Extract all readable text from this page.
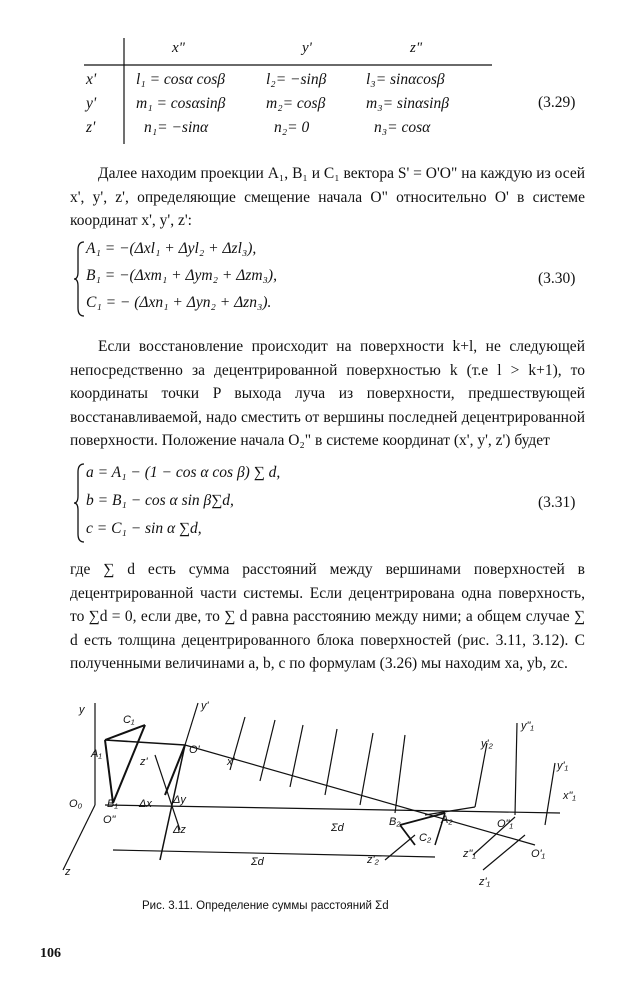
x"	y'	z"
x'	l₁ = cosα cosβ	l₂= −sinβ	l₃= sinαcosβ
y'	m₁ = cosαsinβ	m₂= cosβ	m₃= sinαsinβ
z'	n₁= −sinα	n₂= 0	n₃= cosα
(3.29)

Далее находим проекции A₁, B₁ и C₁ вектора S' = O'O" на каждую из осей x', y', z', определяющие смещение начала O" относительно O' в системе координат x', y', z':

A₁ = −(Δxl₁ + Δyl₂ + Δzl₃),
B₁ = −(Δxm₁ + Δym₂ + Δzm₃),
C₁ = − (Δxn₁ + Δyn₂ + Δzn₃).
(3.30)

Если восстановление происходит на поверхности k+l, не следующей непосредственно за децентрированной поверхностью k (т.е l > k+1), то координаты точки P выхода луча из поверхности, предшествующей восстанавливаемой, надо сместить от вершины последней децентрированной поверхности. Положение начала O₂" в системе координат (x', y', z') будет

a = A₁ − (1 − cos α cos β) ∑ d,
b = B₁ − cos α sin β∑d,
c = C₁ − sin α ∑d,
(3.31)

где ∑ d есть сумма расстояний между вершинами поверхностей в децентрированной части системы. Если децентрирована одна поверхность, то ∑d = 0, если две, то ∑ d равна расстоянию между ними; а общем случае ∑ d есть толщина децентрированного блока поверхностей (рис. 3.11, 3.12). С полученными величинами a, b, c по формулам (3.26) мы находим xa, yb, zc.

y	y'
y'₂
y"₁
y'₁
C₁
A₁
z'
O'
x'
O₀ B₁ Δx Δy
O"
Δz	Σd	B₂	A₂
C₂
O"₁
O'₁
x"₁
z"₁
z'₂
z'₁
z
Σd
Рис. 3.11. Определение суммы расстояний Σd
106
